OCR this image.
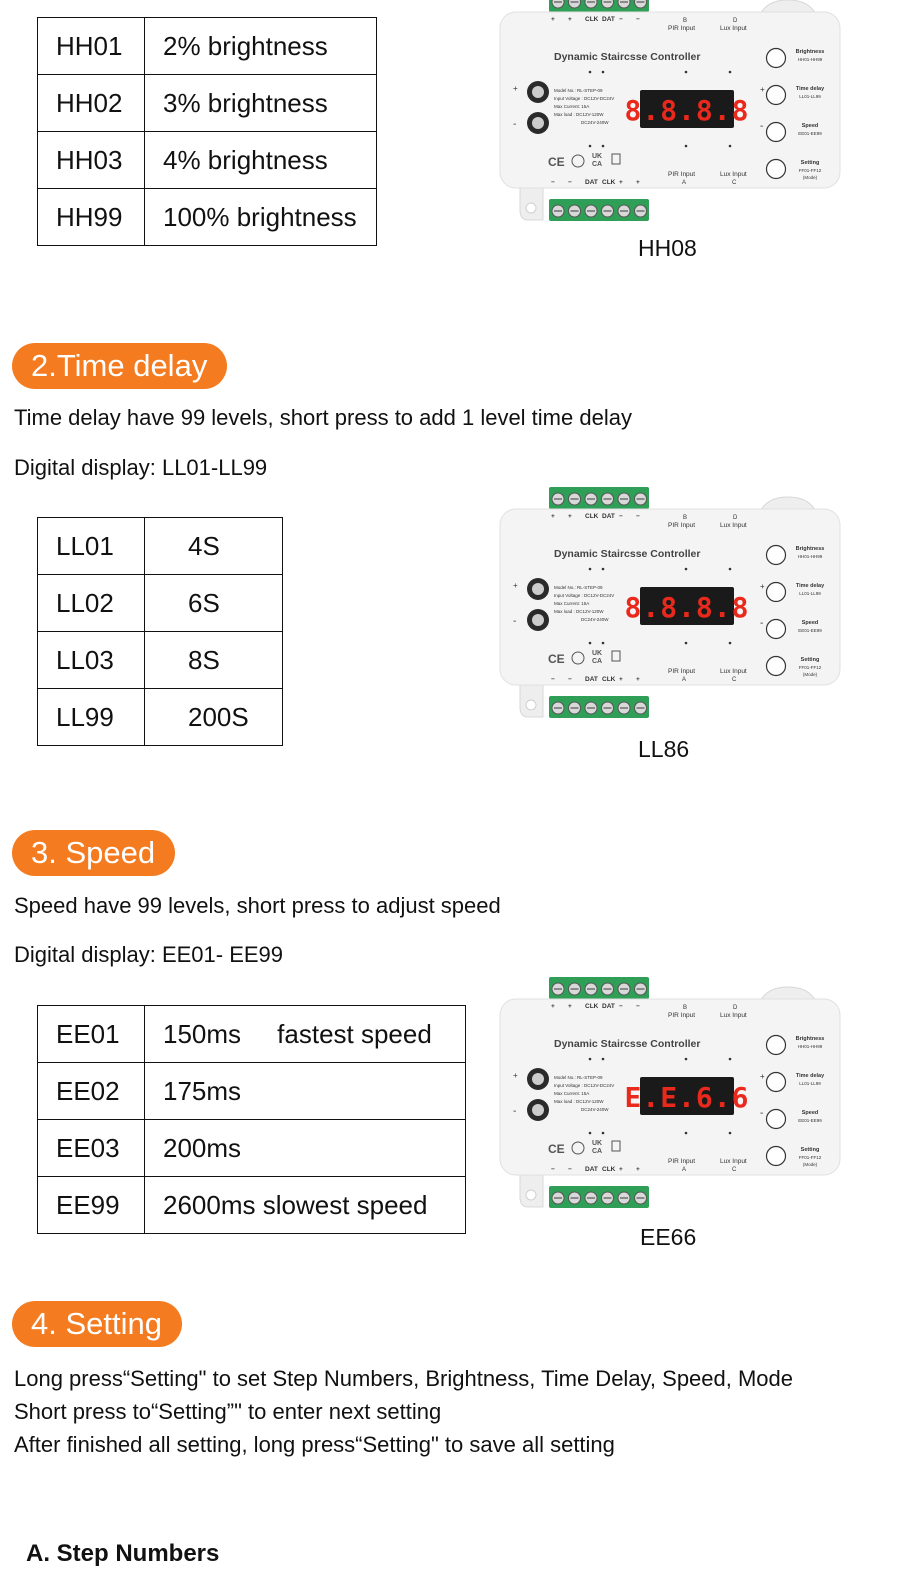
HH01	2% brightness
HH02	3% brightness
HH03	4% brightness
HH99	100% brightness
+ + CLK DAT − −
− − DAT CLK + +
B	D
PIR Input	Lux Input
PIR Input	Lux Input
A	C
Dynamic Staircsse Controller
+
-
Model No.: RL-STEP-09
Input Voltage : DC12V-DC24V
Max Current: 15A
Max load : DC12V-120W
DC24V-240W 8.8.8.8
CE	UK
CA
Brightness
HH01-HH99
Time delay
LL01-LL99
Speed
EE01-EE99
Setting
FF01-FF12
(Mode)
+
-
HH08
2.Time delay
Time delay have 99 levels, short press to add 1 level time delay
Digital display: LL01-LL99
LL01	4S
LL02	6S
LL03	8S
LL99	200S
+ + CLK DAT − −
− − DAT CLK + +
B	D
PIR Input	Lux Input
PIR Input	Lux Input
A	C
Dynamic Staircsse Controller
+
-
Model No.: RL-STEP-09
Input Voltage : DC12V-DC24V
Max Current: 15A
Max load : DC12V-120W
DC24V-240W 8.8.8.8
CE	UK
CA
Brightness
HH01-HH99
Time delay
LL01-LL99
Speed
EE01-EE99
Setting
FF01-FF12
(Mode)
+
-
LL86
3. Speed
Speed have 99 levels, short press to adjust speed
Digital display: EE01- EE99
EE01	150ms     fastest speed
EE02	175ms
EE03	200ms
EE99	2600ms slowest speed
+ + CLK DAT − −
− − DAT CLK + +
B	D
PIR Input	Lux Input
PIR Input	Lux Input
A	C
Dynamic Staircsse Controller
+
-
Model No.: RL-STEP-09
Input Voltage : DC12V-DC24V
Max Current: 15A
Max load : DC12V-120W
DC24V-240W E.E.6.6
CE	UK
CA
Brightness
HH01-HH99
Time delay
LL01-LL99
Speed
EE01-EE99
Setting
FF01-FF12
(Mode)
+
-
EE66
4. Setting
Long press“Setting" to set Step Numbers, Brightness, Time Delay, Speed, Mode
Short press to“Setting”" to enter next setting
After finished all setting, long press“Setting" to save all setting
A. Step Numbers
